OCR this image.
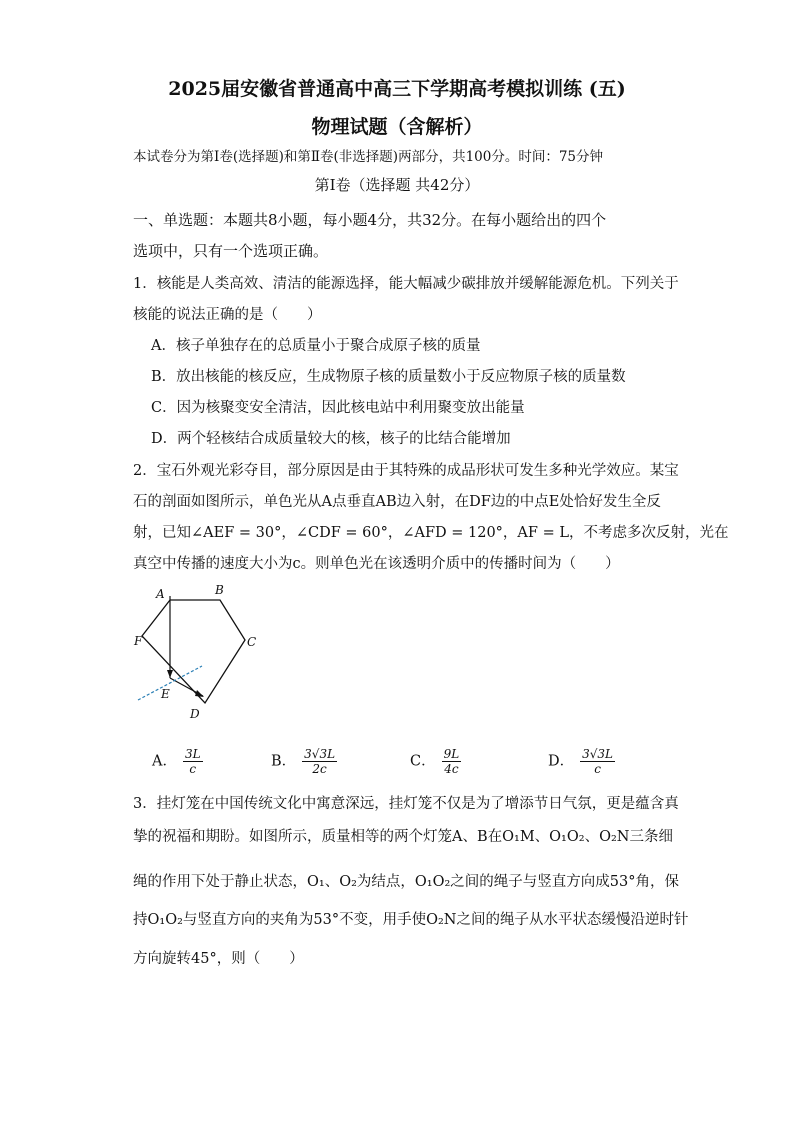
2025届安徽省普通高中高三下学期高考模拟训练 (五)
物理试题（含解析）
本试卷分为第Ⅰ卷(选择题)和第Ⅱ卷(非选择题)两部分，共100分。时间：75分钟
第Ⅰ卷（选择题 共42分）
一、单选题：本题共8小题，每小题4分，共32分。在每小题给出的四个
选项中，只有一个选项正确。
1．核能是人类高效、清洁的能源选择，能大幅减少碳排放并缓解能源危机。下列关于
核能的说法正确的是（　　）
A．核子单独存在的总质量小于聚合成原子核的质量
B．放出核能的核反应，生成物原子核的质量数小于反应物原子核的质量数
C．因为核聚变安全清洁，因此核电站中利用聚变放出能量
D．两个轻核结合成质量较大的核，核子的比结合能增加
2．宝石外观光彩夺目，部分原因是由于其特殊的成品形状可发生多种光学效应。某宝
石的剖面如图所示，单色光从A点垂直AB边入射，在DF边的中点E处恰好发生全反
射，已知∠AEF = 30°，∠CDF = 60°，∠AFD = 120°，AF = L，不考虑多次反射，光在
真空中传播的速度大小为c。则单色光在该透明介质中的传播时间为（　　）
A	B
C
D
E
F
A． $\frac{3L}{c}$	B． $\frac{3√3L}{2c}$	C． $\frac{9L}{4c}$	D． $\frac{3√3L}{c}$
3．挂灯笼在中国传统文化中寓意深远，挂灯笼不仅是为了增添节日气氛，更是蕴含真
挚的祝福和期盼。如图所示，质量相等的两个灯笼A、B在O₁M、O₁O₂、O₂N三条细
绳的作用下处于静止状态，O₁、O₂为结点，O₁O₂之间的绳子与竖直方向成53°角，保
持O₁O₂与竖直方向的夹角为53°不变，用手使O₂N之间的绳子从水平状态缓慢沿逆时针
方向旋转45°，则（　　）
